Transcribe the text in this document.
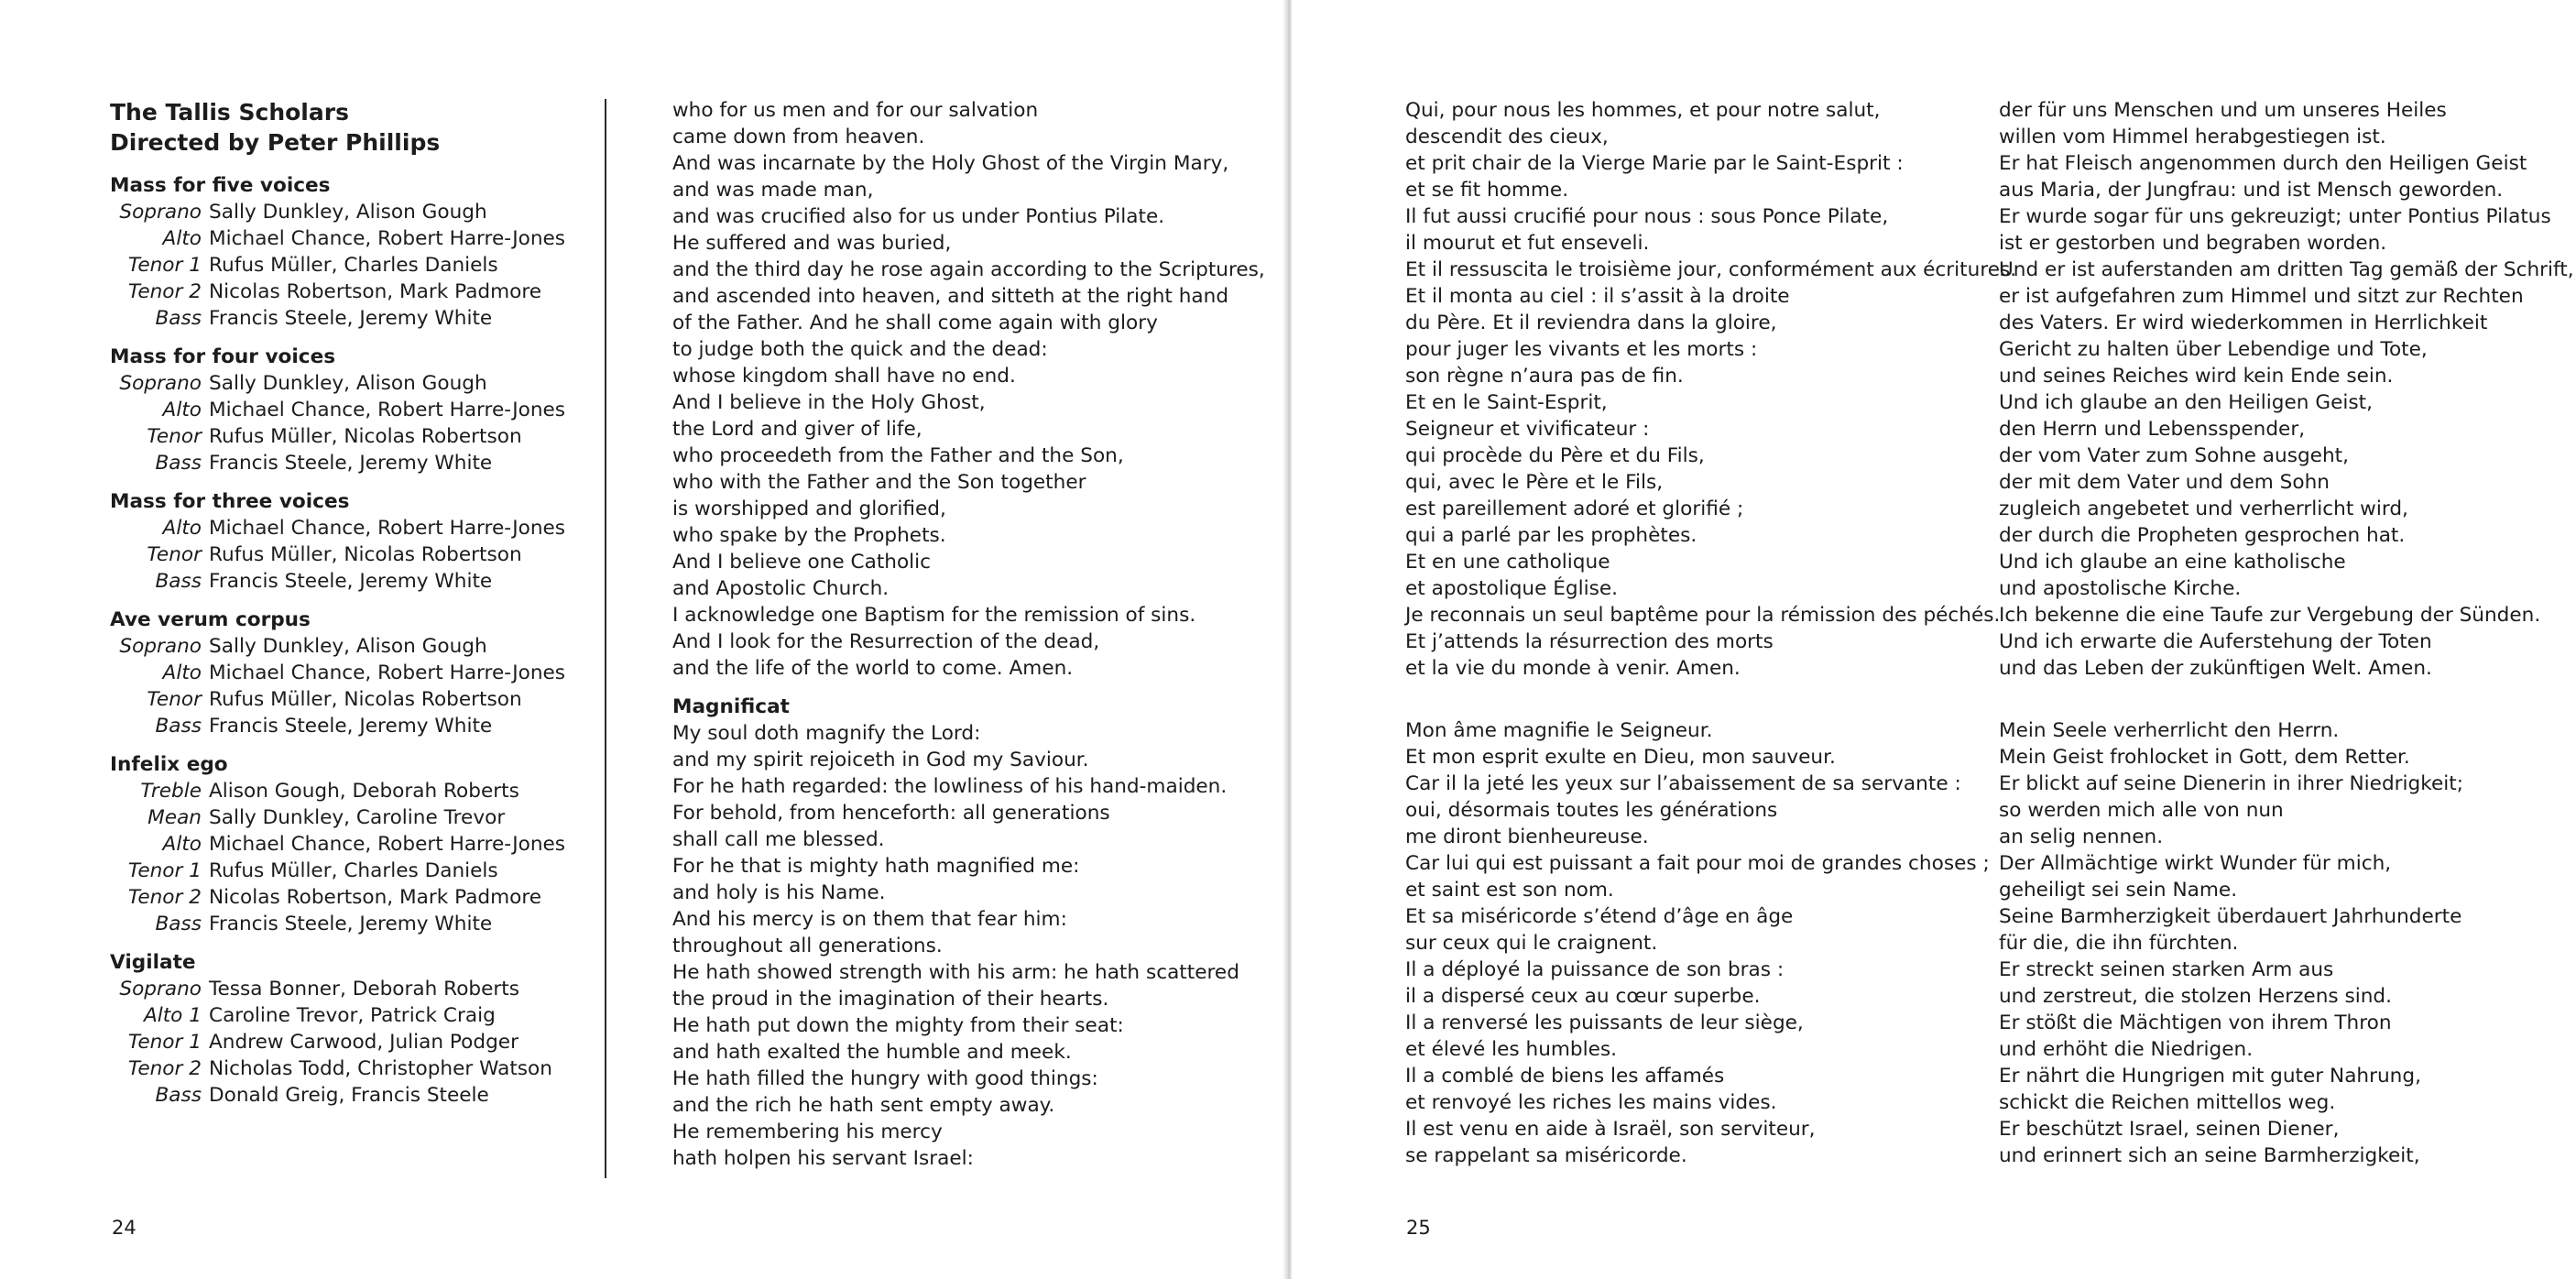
The Tallis Scholars
Directed by Peter Phillips
Mass for five voices
Soprano Sally Dunkley, Alison Gough
Alto Michael Chance, Robert Harre-Jones
Tenor 1 Rufus Müller, Charles Daniels
Tenor 2 Nicolas Robertson, Mark Padmore
Bass Francis Steele, Jeremy White
Mass for four voices
Soprano Sally Dunkley, Alison Gough
Alto Michael Chance, Robert Harre-Jones
Tenor Rufus Müller, Nicolas Robertson
Bass Francis Steele, Jeremy White
Mass for three voices
Alto Michael Chance, Robert Harre-Jones
Tenor Rufus Müller, Nicolas Robertson
Bass Francis Steele, Jeremy White
Ave verum corpus
Soprano Sally Dunkley, Alison Gough
Alto Michael Chance, Robert Harre-Jones
Tenor Rufus Müller, Nicolas Robertson
Bass Francis Steele, Jeremy White
Infelix ego
Treble Alison Gough, Deborah Roberts
Mean Sally Dunkley, Caroline Trevor
Alto Michael Chance, Robert Harre-Jones
Tenor 1 Rufus Müller, Charles Daniels
Tenor 2 Nicolas Robertson, Mark Padmore
Bass Francis Steele, Jeremy White
Vigilate
Soprano Tessa Bonner, Deborah Roberts
Alto 1 Caroline Trevor, Patrick Craig
Tenor 1 Andrew Carwood, Julian Podger
Tenor 2 Nicholas Todd, Christopher Watson
Bass Donald Greig, Francis Steele
who for us men and for our salvation
came down from heaven.
And was incarnate by the Holy Ghost of the Virgin Mary,
and was made man,
and was crucified also for us under Pontius Pilate.
He suffered and was buried,
and the third day he rose again according to the Scriptures,
and ascended into heaven, and sitteth at the right hand
of the Father. And he shall come again with glory
to judge both the quick and the dead:
whose kingdom shall have no end.
And I believe in the Holy Ghost,
the Lord and giver of life,
who proceedeth from the Father and the Son,
who with the Father and the Son together
is worshipped and glorified,
who spake by the Prophets.
And I believe one Catholic
and Apostolic Church.
I acknowledge one Baptism for the remission of sins.
And I look for the Resurrection of the dead,
and the life of the world to come. Amen.
Magnificat
My soul doth magnify the Lord:
and my spirit rejoiceth in God my Saviour.
For he hath regarded: the lowliness of his hand-maiden.
For behold, from henceforth: all generations
shall call me blessed.
For he that is mighty hath magnified me:
and holy is his Name.
And his mercy is on them that fear him:
throughout all generations.
He hath showed strength with his arm: he hath scattered
the proud in the imagination of their hearts.
He hath put down the mighty from their seat:
and hath exalted the humble and meek.
He hath filled the hungry with good things:
and the rich he hath sent empty away.
He remembering his mercy
hath holpen his servant Israel:
24
Qui, pour nous les hommes, et pour notre salut,
descendit des cieux,
et prit chair de la Vierge Marie par le Saint-Esprit :
et se fit homme.
Il fut aussi crucifié pour nous : sous Ponce Pilate,
il mourut et fut enseveli.
Et il ressuscita le troisième jour, conformément aux écritures.
Et il monta au ciel : il s’assit à la droite
du Père. Et il reviendra dans la gloire,
pour juger les vivants et les morts :
son règne n’aura pas de fin.
Et en le Saint-Esprit,
Seigneur et vivificateur :
qui procède du Père et du Fils,
qui, avec le Père et le Fils,
est pareillement adoré et glorifié ;
qui a parlé par les prophètes.
Et en une catholique
et apostolique Église.
Je reconnais un seul baptême pour la rémission des péchés.
Et j’attends la résurrection des morts
et la vie du monde à venir. Amen.
Mon âme magnifie le Seigneur.
Et mon esprit exulte en Dieu, mon sauveur.
Car il la jeté les yeux sur l’abaissement de sa servante :
oui, désormais toutes les générations
me diront bienheureuse.
Car lui qui est puissant a fait pour moi de grandes choses ;
et saint est son nom.
Et sa miséricorde s’étend d’âge en âge
sur ceux qui le craignent.
Il a déployé la puissance de son bras :
il a dispersé ceux au cœur superbe.
Il a renversé les puissants de leur siège,
et élevé les humbles.
Il a comblé de biens les affamés
et renvoyé les riches les mains vides.
Il est venu en aide à Israël, son serviteur,
se rappelant sa miséricorde.
der für uns Menschen und um unseres Heiles
willen vom Himmel herabgestiegen ist.
Er hat Fleisch angenommen durch den Heiligen Geist
aus Maria, der Jungfrau: und ist Mensch geworden.
Er wurde sogar für uns gekreuzigt; unter Pontius Pilatus
ist er gestorben und begraben worden.
Und er ist auferstanden am dritten Tag gemäß der Schrift,
er ist aufgefahren zum Himmel und sitzt zur Rechten
des Vaters. Er wird wiederkommen in Herrlichkeit
Gericht zu halten über Lebendige und Tote,
und seines Reiches wird kein Ende sein.
Und ich glaube an den Heiligen Geist,
den Herrn und Lebensspender,
der vom Vater zum Sohne ausgeht,
der mit dem Vater und dem Sohn
zugleich angebetet und verherrlicht wird,
der durch die Propheten gesprochen hat.
Und ich glaube an eine katholische
und apostolische Kirche.
Ich bekenne die eine Taufe zur Vergebung der Sünden.
Und ich erwarte die Auferstehung der Toten
und das Leben der zukünftigen Welt. Amen.
Mein Seele verherrlicht den Herrn.
Mein Geist frohlocket in Gott, dem Retter.
Er blickt auf seine Dienerin in ihrer Niedrigkeit;
so werden mich alle von nun
an selig nennen.
Der Allmächtige wirkt Wunder für mich,
geheiligt sei sein Name.
Seine Barmherzigkeit überdauert Jahrhunderte
für die, die ihn fürchten.
Er streckt seinen starken Arm aus
und zerstreut, die stolzen Herzens sind.
Er stößt die Mächtigen von ihrem Thron
und erhöht die Niedrigen.
Er nährt die Hungrigen mit guter Nahrung,
schickt die Reichen mittellos weg.
Er beschützt Israel, seinen Diener,
und erinnert sich an seine Barmherzigkeit,
25
